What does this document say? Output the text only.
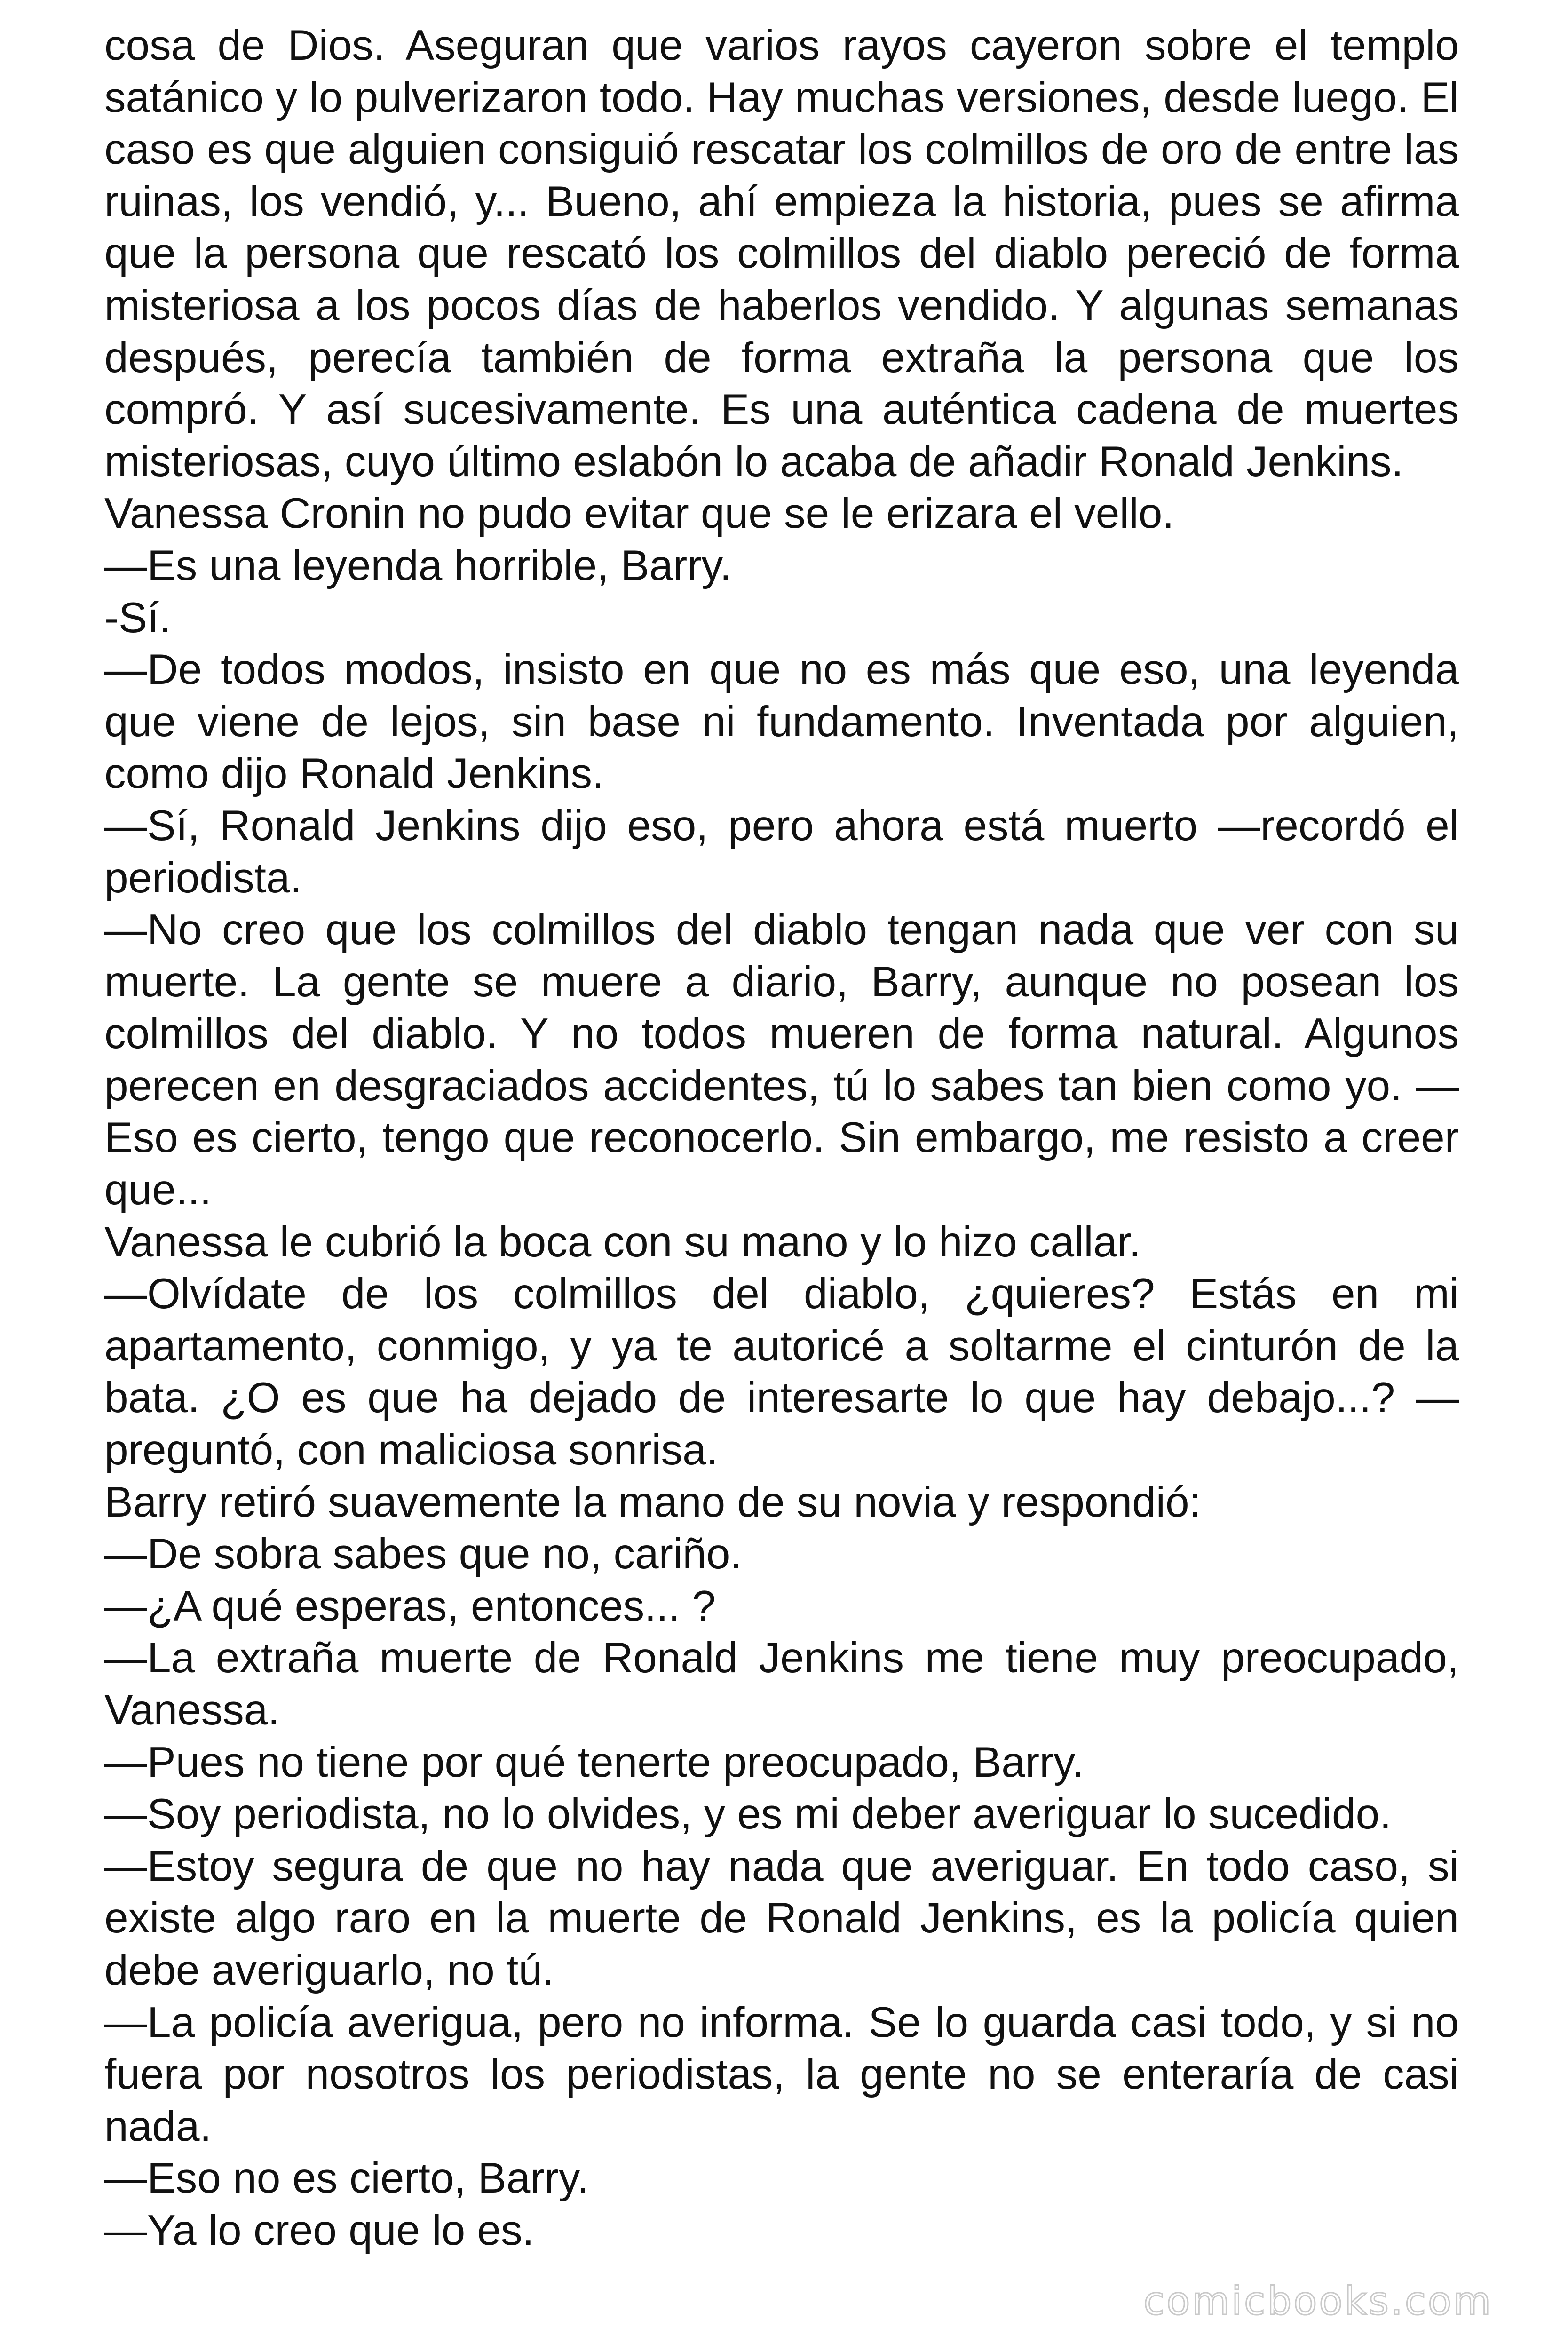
cosa de Dios. Aseguran que varios rayos cayeron sobre el templo satánico y lo pulverizaron todo. Hay muchas versiones, desde luego. El caso es que alguien consiguió rescatar los colmillos de oro de entre las ruinas, los vendió, y... Bueno, ahí empieza la historia, pues se afirma que la persona que rescató los colmillos del diablo pereció de forma misteriosa a los pocos días de haberlos vendido. Y algunas semanas después, perecía también de forma extraña la persona que los compró. Y así sucesivamente. Es una auténtica cadena de muertes misteriosas, cuyo último eslabón lo acaba de añadir Ronald Jenkins.

Vanessa Cronin no pudo evitar que se le erizara el vello.

—Es una leyenda horrible, Barry.

-Sí.

—De todos modos, insisto en que no es más que eso, una leyenda que viene de lejos, sin base ni fundamento. Inventada por alguien, como dijo Ronald Jenkins.

—Sí, Ronald Jenkins dijo eso, pero ahora está muerto —recordó el periodista.

—No creo que los colmillos del diablo tengan nada que ver con su muerte. La gente se muere a diario, Barry, aunque no posean los colmillos del diablo. Y no todos mueren de forma natural. Algunos perecen en desgraciados accidentes, tú lo sabes tan bien como yo. —Eso es cierto, tengo que reconocerlo. Sin embargo, me resisto a creer que...

Vanessa le cubrió la boca con su mano y lo hizo callar.

—Olvídate de los colmillos del diablo, ¿quieres? Estás en mi apartamento, conmigo, y ya te autoricé a soltarme el cinturón de la bata. ¿O es que ha dejado de interesarte lo que hay debajo...? —preguntó, con maliciosa sonrisa.

Barry retiró suavemente la mano de su novia y respondió:

—De sobra sabes que no, cariño.

—¿A qué esperas, entonces... ?

—La extraña muerte de Ronald Jenkins me tiene muy preocupado, Vanessa.

—Pues no tiene por qué tenerte preocupado, Barry.

—Soy periodista, no lo olvides, y es mi deber averiguar lo sucedido.

—Estoy segura de que no hay nada que averiguar. En todo caso, si existe algo raro en la muerte de Ronald Jenkins, es la policía quien debe averiguarlo, no tú.

—La policía averigua, pero no informa. Se lo guarda casi todo, y si no fuera por nosotros los periodistas, la gente no se enteraría de casi nada.

—Eso no es cierto, Barry.

—Ya lo creo que lo es.

comicbooks.com
